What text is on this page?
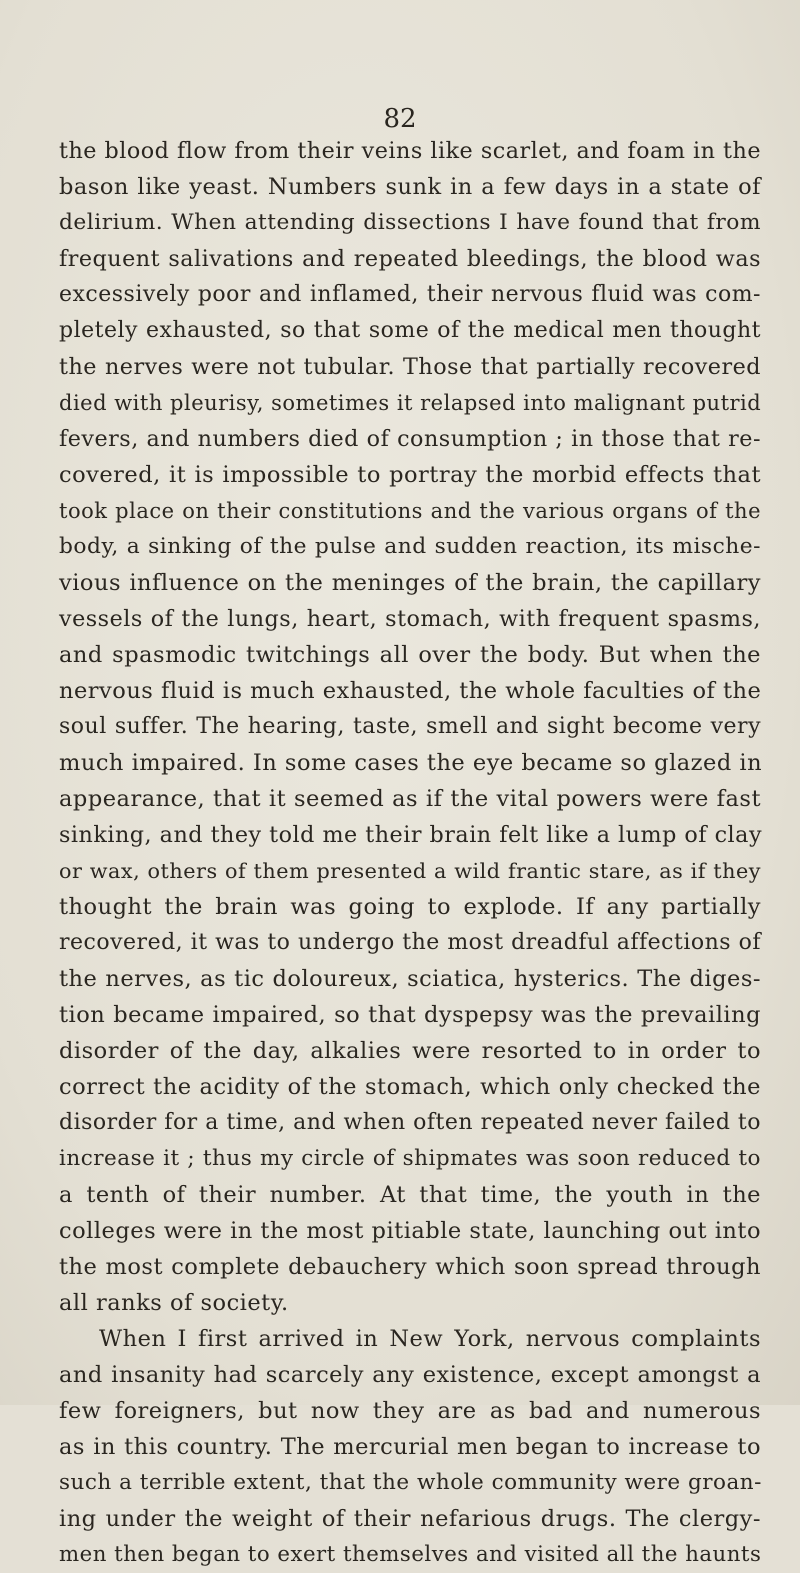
82
the blood flow from their veins like scarlet, and foam in the
bason like yeast. Numbers sunk in a few days in a state of
delirium. When attending dissections I have found that from
frequent salivations and repeated bleedings, the blood was
excessively poor and inflamed, their nervous fluid was com-
pletely exhausted, so that some of the medical men thought
the nerves were not tubular. Those that partially recovered
died with pleurisy, sometimes it relapsed into malignant putrid
fevers, and numbers died of consumption ; in those that re-
covered, it is impossible to portray the morbid effects that
took place on their constitutions and the various organs of the
body, a sinking of the pulse and sudden reaction, its mische-
vious influence on the meninges of the brain, the capillary
vessels of the lungs, heart, stomach, with frequent spasms,
and spasmodic twitchings all over the body. But when the
nervous fluid is much exhausted, the whole faculties of the
soul suffer. The hearing, taste, smell and sight become very
much impaired. In some cases the eye became so glazed in
appearance, that it seemed as if the vital powers were fast
sinking, and they told me their brain felt like a lump of clay
or wax, others of them presented a wild frantic stare, as if they
thought the brain was going to explode. If any partially
recovered, it was to undergo the most dreadful affections of
the nerves, as tic doloureux, sciatica, hysterics. The diges-
tion became impaired, so that dyspepsy was the prevailing
disorder of the day, alkalies were resorted to in order to
correct the acidity of the stomach, which only checked the
disorder for a time, and when often repeated never failed to
increase it ; thus my circle of shipmates was soon reduced to
a tenth of their number. At that time, the youth in the
colleges were in the most pitiable state, launching out into
the most complete debauchery which soon spread through
all ranks of society.
When I first arrived in New York, nervous complaints
and insanity had scarcely any existence, except amongst a
few foreigners, but now they are as bad and numerous
as in this country. The mercurial men began to increase to
such a terrible extent, that the whole community were groan-
ing under the weight of their nefarious drugs. The clergy-
men then began to exert themselves and visited all the haunts
